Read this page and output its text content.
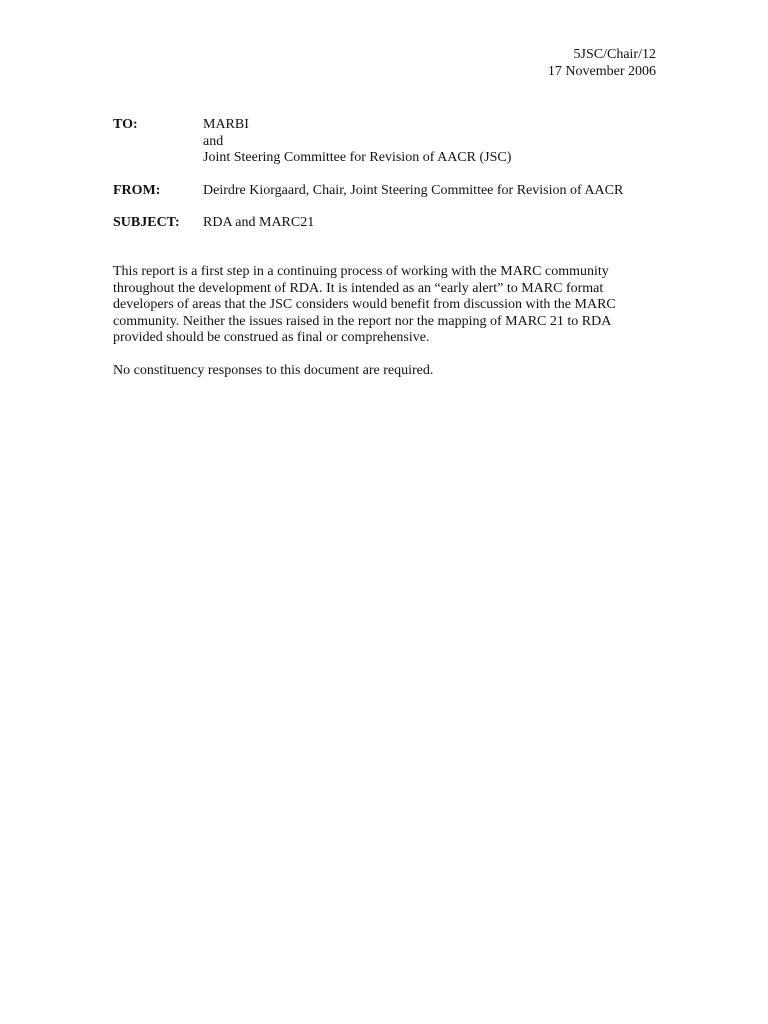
5JSC/Chair/12
17 November 2006
TO:	MARBI
and
Joint Steering Committee for Revision of AACR (JSC)
FROM:	Deirdre Kiorgaard, Chair, Joint Steering Committee for Revision of AACR
SUBJECT: RDA and MARC21

This report is a first step in a continuing process of working with the MARC community
throughout the development of RDA. It is intended as an “early alert” to MARC format
developers of areas that the JSC considers would benefit from discussion with the MARC
community. Neither the issues raised in the report nor the mapping of MARC 21 to RDA
provided should be construed as final or comprehensive.

No constituency responses to this document are required.
